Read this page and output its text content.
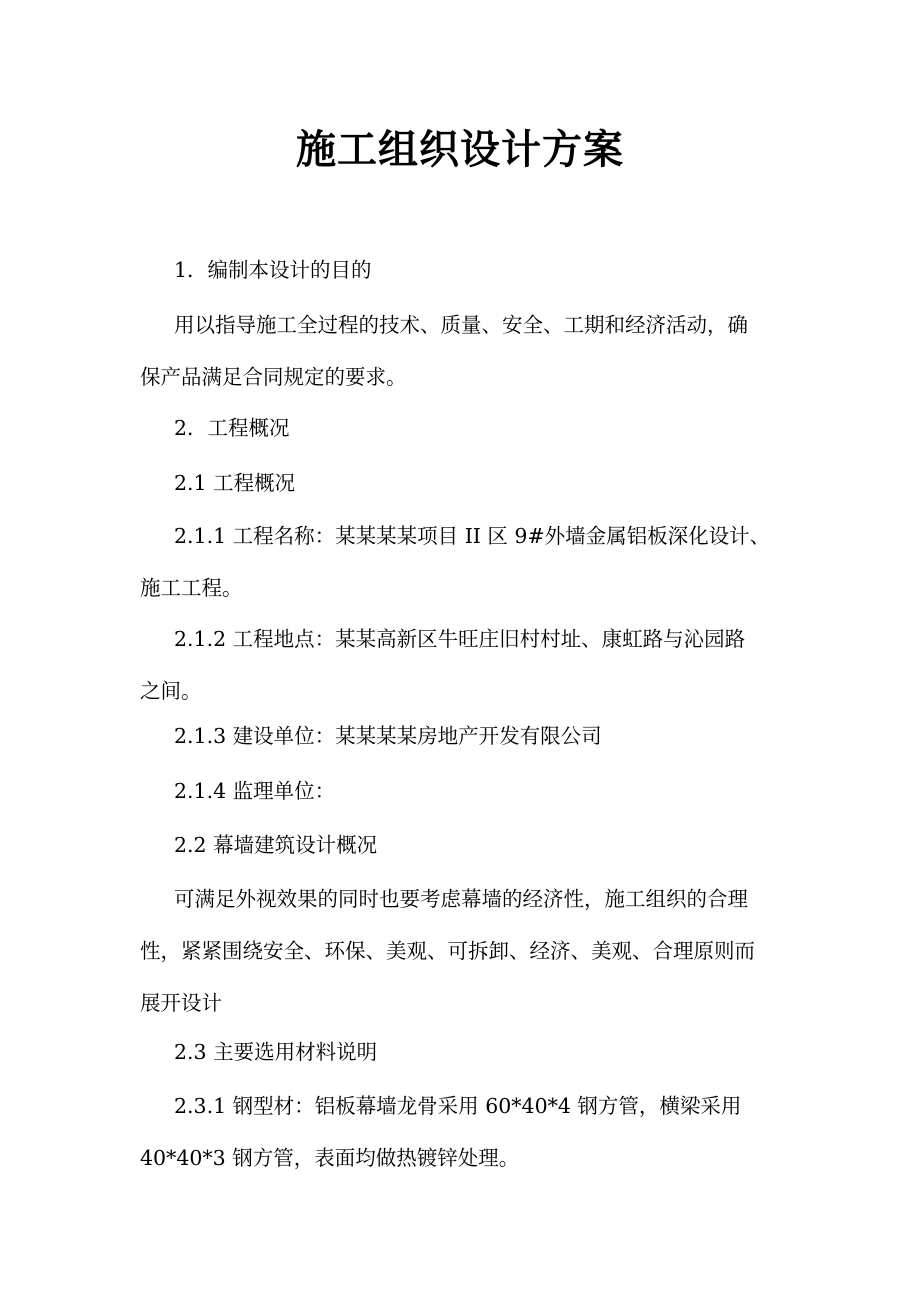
施工组织设计方案
1．编制本设计的目的
用以指导施工全过程的技术、质量、安全、工期和经济活动，确
保产品满足合同规定的要求。
2．工程概况
2.1 工程概况
2.1.1 工程名称：某某某某项目 II 区 9#外墙金属铝板深化设计、
施工工程。
2.1.2 工程地点：某某高新区牛旺庄旧村村址、康虹路与沁园路
之间。
2.1.3 建设单位：某某某某房地产开发有限公司
2.1.4 监理单位：
2.2 幕墙建筑设计概况
可满足外视效果的同时也要考虑幕墙的经济性，施工组织的合理
性，紧紧围绕安全、环保、美观、可拆卸、经济、美观、合理原则而
展开设计
2.3 主要选用材料说明
2.3.1 钢型材：铝板幕墙龙骨采用 60*40*4 钢方管，横梁采用
40*40*3 钢方管，表面均做热镀锌处理。
